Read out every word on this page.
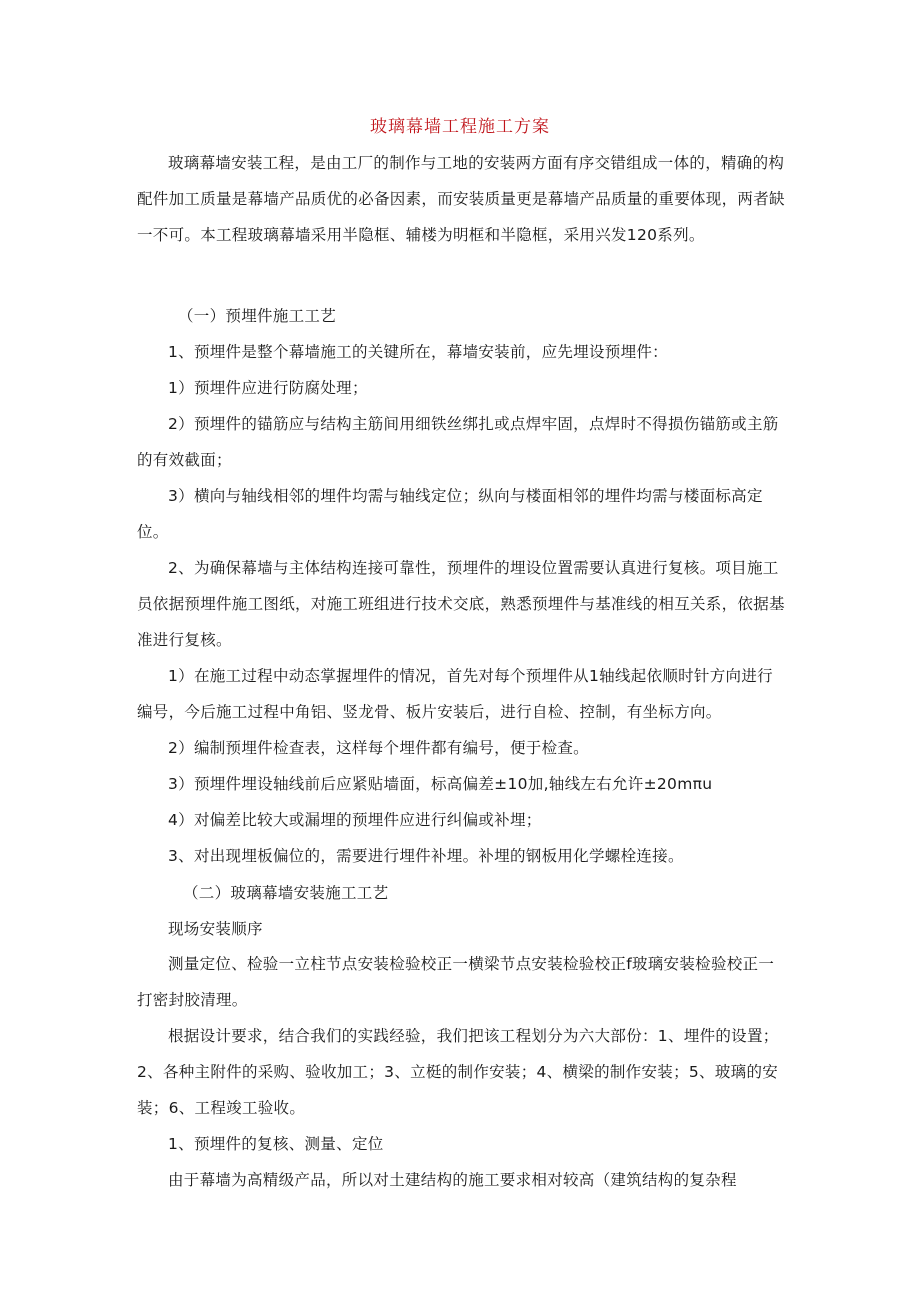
玻璃幕墙工程施工方案

玻璃幕墙安装工程，是由工厂的制作与工地的安装两方面有序交错组成一体的，精确的构配件加工质量是幕墙产品质优的必备因素，而安装质量更是幕墙产品质量的重要体现，两者缺一不可。本工程玻璃幕墙采用半隐框、辅楼为明框和半隐框，采用兴发120系列。

（一）预埋件施工工艺

1、预埋件是整个幕墙施工的关键所在，幕墙安装前，应先埋设预埋件：

1）预埋件应进行防腐处理；

2）预埋件的锚筋应与结构主筋间用细铁丝绑扎或点焊牢固，点焊时不得损伤锚筋或主筋的有效截面；

3）横向与轴线相邻的埋件均需与轴线定位；纵向与楼面相邻的埋件均需与楼面标高定位。

2、为确保幕墙与主体结构连接可靠性，预埋件的埋设位置需要认真进行复核。项目施工员依据预埋件施工图纸，对施工班组进行技术交底，熟悉预埋件与基准线的相互关系，依据基准进行复核。

1）在施工过程中动态掌握埋件的情况，首先对每个预埋件从1轴线起依顺时针方向进行编号，今后施工过程中角铝、竖龙骨、板片安装后，进行自检、控制，有坐标方向。

2）编制预埋件检查表，这样每个埋件都有编号，便于检查。

3）预埋件埋设轴线前后应紧贴墙面，标高偏差±10加,轴线左右允许±20mπu

4）对偏差比较大或漏埋的预埋件应进行纠偏或补埋；

3、对出现埋板偏位的，需要进行埋件补埋。补埋的钢板用化学螺栓连接。

（二）玻璃幕墙安装施工工艺

现场安装顺序

测量定位、检验一立柱节点安装检验校正一横梁节点安装检验校正f玻璃安装检验校正一打密封胶清理。

根据设计要求，结合我们的实践经验，我们把该工程划分为六大部份：1、埋件的设置；2、各种主附件的采购、验收加工；3、立梃的制作安装；4、横梁的制作安装；5、玻璃的安装；6、工程竣工验收。

1、预埋件的复核、测量、定位

由于幕墙为高精级产品，所以对土建结构的施工要求相对较高（建筑结构的复杂程
